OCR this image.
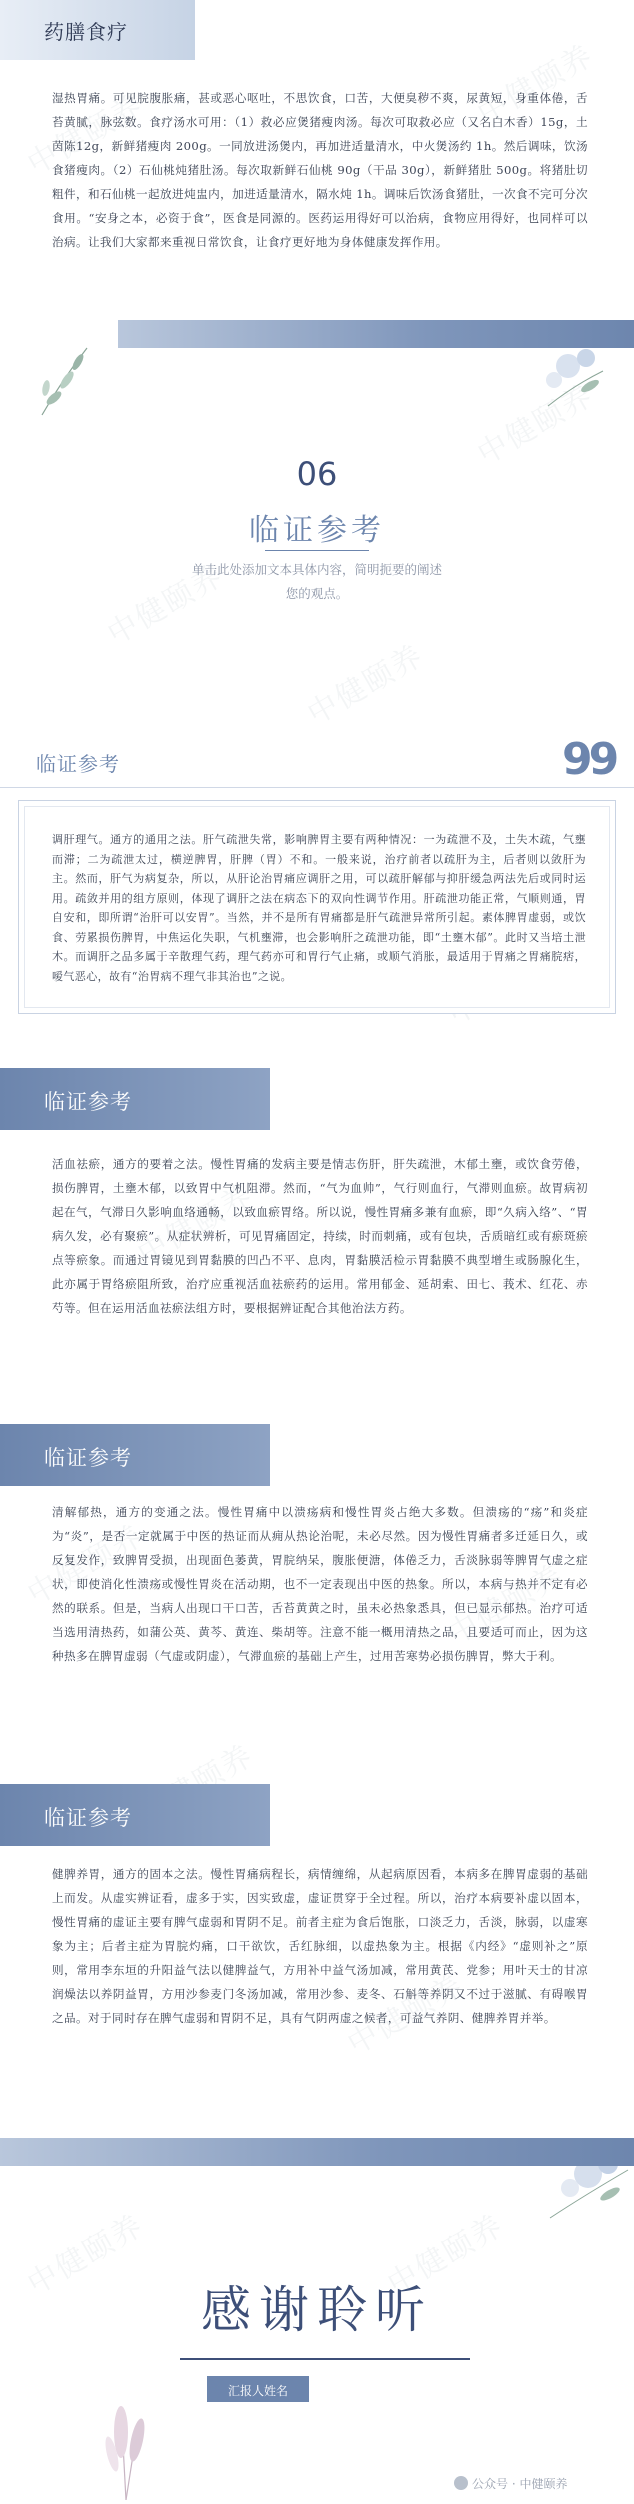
中健颐养
中健颐养
中健颐养
中健颐养
中健颐养
中健颐养
中健颐养	中健颐养
中健颐养
中健颐养	中健颐养
药膳食疗
湿热胃痛。可见脘腹胀痛，甚或恶心呕吐，不思饮食，口苦，大便臭秽不爽，尿黄短，身重体倦，舌苔黄腻，脉弦数。食疗汤水可用：（1）救必应煲猪瘦肉汤。每次可取救必应（又名白木香）15g，土茵陈12g，新鲜猪瘦肉 200g。一同放进汤煲内，再加进适量清水，中火煲汤约 1h。然后调味，饮汤食猪瘦肉。（2）石仙桃炖猪肚汤。每次取新鲜石仙桃 90g（干品 30g），新鲜猪肚 500g。将猪肚切粗件，和石仙桃一起放进炖盅内，加进适量清水，隔水炖 1h。调味后饮汤食猪肚，一次食不完可分次食用。“安身之本，必资于食”，医食是同源的。医药运用得好可以治病，食物应用得好，也同样可以治病。让我们大家都来重视日常饮食，让食疗更好地为身体健康发挥作用。
06
临证参考
单击此处添加文本具体内容，简明扼要的阐述
您的观点。
临证参考	99
调肝理气。通方的通用之法。肝气疏泄失常，影响脾胃主要有两种情况：一为疏泄不及，土失木疏，气壅而滞；二为疏泄太过，横逆脾胃，肝脾（胃）不和。一般来说，治疗前者以疏肝为主，后者则以敛肝为主。然而，肝气为病复杂，所以，从肝论治胃痛应调肝之用，可以疏肝解郁与抑肝缓急两法先后或同时运用。疏敛并用的组方原则，体现了调肝之法在病态下的双向性调节作用。肝疏泄功能正常，气顺则通，胃自安和，即所谓“治肝可以安胃”。当然，并不是所有胃痛都是肝气疏泄异常所引起。素体脾胃虚弱，或饮食、劳累损伤脾胃，中焦运化失职，气机壅滞，也会影响肝之疏泄功能，即“土壅木郁”。此时又当培土泄木。而调肝之品多属于辛散理气药，理气药亦可和胃行气止痛，或顺气消胀，最适用于胃痛之胃痛脘痞，嗳气恶心，故有“治胃病不理气非其治也”之说。
临证参考
活血祛瘀，通方的要着之法。慢性胃痛的发病主要是情志伤肝，肝失疏泄，木郁土壅，或饮食劳倦，损伤脾胃，土壅木郁，以致胃中气机阻滞。然而，“气为血帅”，气行则血行，气滞则血瘀。故胃病初起在气，气滞日久影响血络通畅，以致血瘀胃络。所以说，慢性胃痛多兼有血瘀，即“久病入络”、“胃病久发，必有聚瘀”。从症状辨析，可见胃痛固定，持续，时而刺痛，或有包块，舌质暗红或有瘀斑瘀点等瘀象。而通过胃镜见到胃黏膜的凹凸不平、息肉，胃黏膜活检示胃黏膜不典型增生或肠腺化生，此亦属于胃络瘀阻所致，治疗应重视活血祛瘀药的运用。常用郁金、延胡索、田七、莪术、红花、赤芍等。但在运用活血祛瘀法组方时，要根据辨证配合其他治法方药。
临证参考
清解郁热，通方的变通之法。慢性胃痛中以溃疡病和慢性胃炎占绝大多数。但溃疡的“疡”和炎症为“炎”，是否一定就属于中医的热证而从痈从热论治呢，未必尽然。因为慢性胃痛者多迁延日久，或反复发作，致脾胃受损，出现面色萎黄，胃脘纳呆，腹胀便溏，体倦乏力，舌淡脉弱等脾胃气虚之症状，即使消化性溃疡或慢性胃炎在活动期，也不一定表现出中医的热象。所以，本病与热并不定有必然的联系。但是，当病人出现口干口苦，舌苔黄黄之时，虽未必热象悉具，但已显示郁热。治疗可适当选用清热药，如蒲公英、黄芩、黄连、柴胡等。注意不能一概用清热之品，且要适可而止，因为这种热多在脾胃虚弱（气虚或阴虚），气滞血瘀的基础上产生，过用苦寒势必损伤脾胃，弊大于利。
临证参考
健脾养胃，通方的固本之法。慢性胃痛病程长，病情缠绵，从起病原因看，本病多在脾胃虚弱的基础上而发。从虚实辨证看，虚多于实，因实致虚，虚证贯穿于全过程。所以，治疗本病要补虚以固本，慢性胃痛的虚证主要有脾气虚弱和胃阴不足。前者主症为食后饱胀，口淡乏力，舌淡，脉弱，以虚寒象为主；后者主症为胃脘灼痛，口干欲饮，舌红脉细，以虚热象为主。根据《内经》“虚则补之”原则，常用李东垣的升阳益气法以健脾益气，方用补中益气汤加减，常用黄芪、党参；用叶天士的甘凉润燥法以养阴益胃，方用沙参麦门冬汤加减，常用沙参、麦冬、石斛等养阴又不过于滋腻、有碍喉胃之品。对于同时存在脾气虚弱和胃阴不足，具有气阴两虚之候者，可益气养阴、健脾养胃并举。
感谢聆听
汇报人姓名
公众号 · 中健颐养
